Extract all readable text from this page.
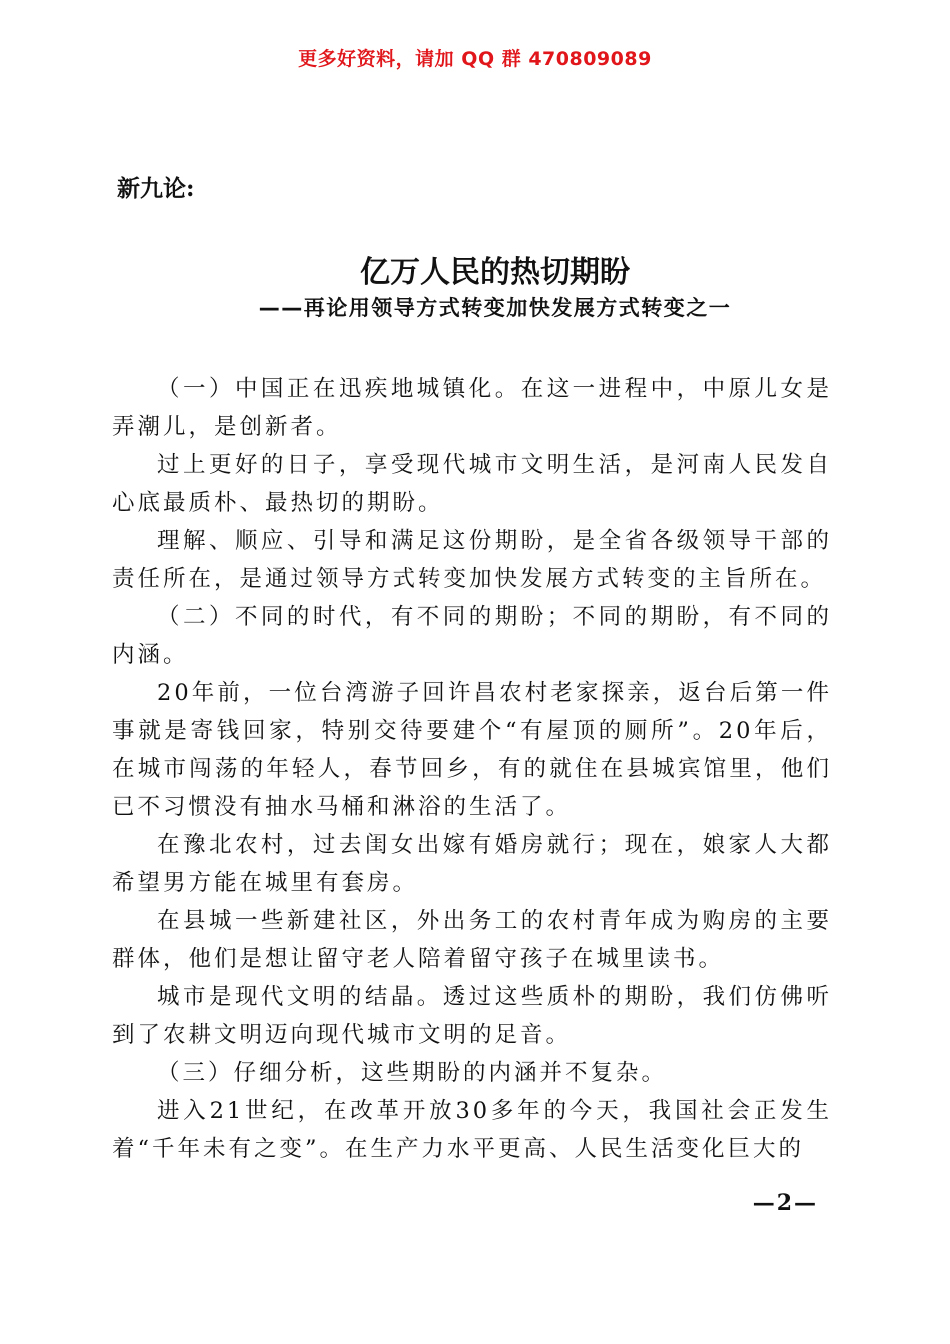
更多好资料，请加 QQ 群 470809089
新九论:
亿万人民的热切期盼
——再论用领导方式转变加快发展方式转变之一

（一）中国正在迅疾地城镇化。在这一进程中，中原儿女是弄潮儿，是创新者。

过上更好的日子，享受现代城市文明生活，是河南人民发自心底最质朴、最热切的期盼。

理解、顺应、引导和满足这份期盼，是全省各级领导干部的责任所在，是通过领导方式转变加快发展方式转变的主旨所在。

（二）不同的时代，有不同的期盼；不同的期盼，有不同的内涵。

20年前，一位台湾游子回许昌农村老家探亲，返台后第一件事就是寄钱回家，特别交待要建个“有屋顶的厕所”。20年后，在城市闯荡的年轻人，春节回乡，有的就住在县城宾馆里，他们已不习惯没有抽水马桶和淋浴的生活了。

在豫北农村，过去闺女出嫁有婚房就行；现在，娘家人大都希望男方能在城里有套房。

在县城一些新建社区，外出务工的农村青年成为购房的主要群体，他们是想让留守老人陪着留守孩子在城里读书。

城市是现代文明的结晶。透过这些质朴的期盼，我们仿佛听到了农耕文明迈向现代城市文明的足音。

（三）仔细分析，这些期盼的内涵并不复杂。

进入21世纪，在改革开放30多年的今天，我国社会正发生着“千年未有之变”。在生产力水平更高、人民生活变化巨大的

—2—
